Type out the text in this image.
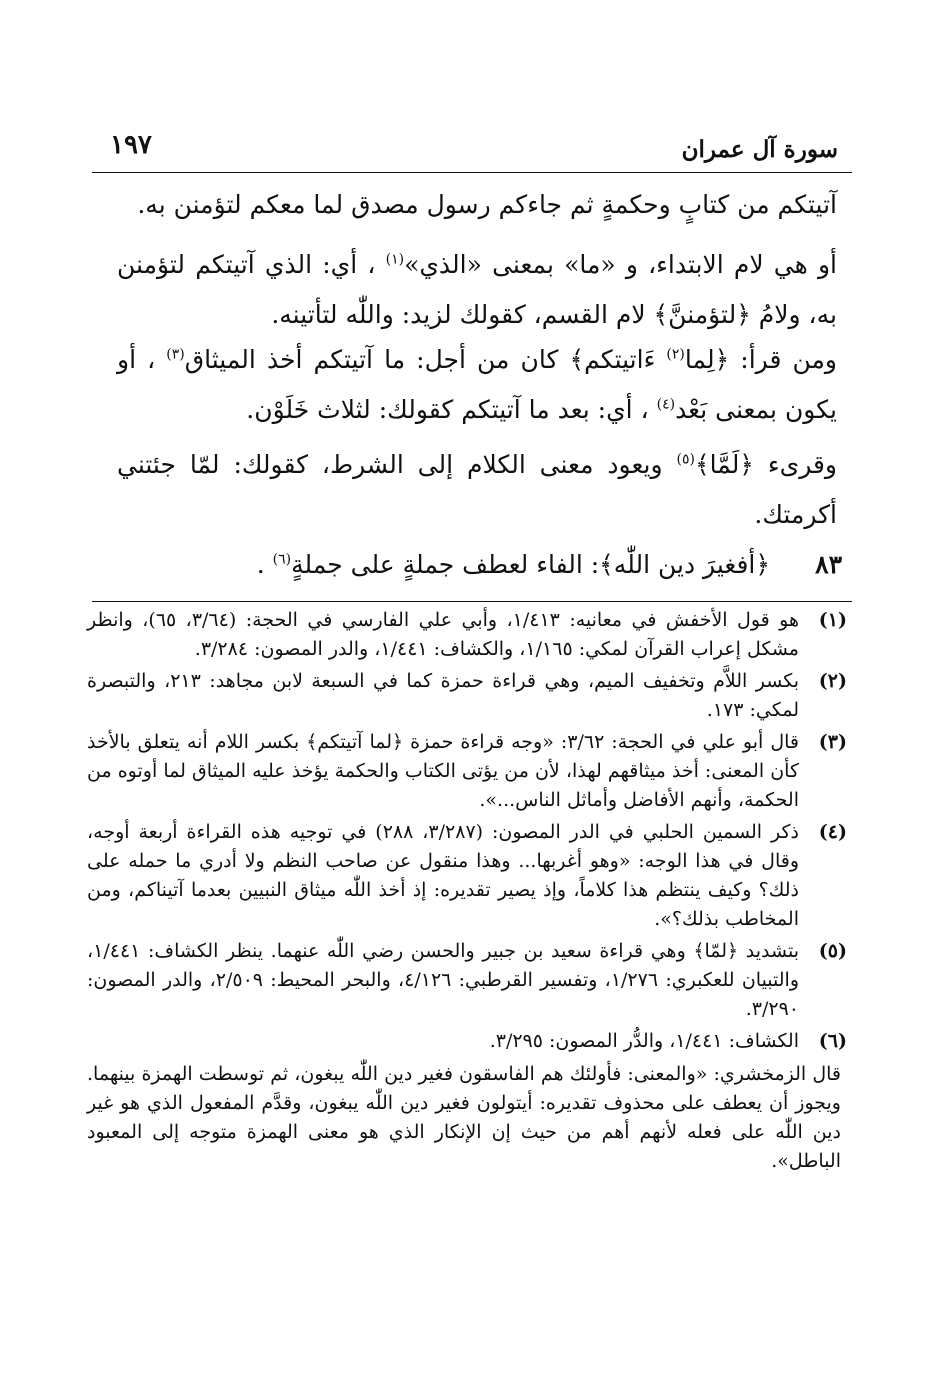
سورة آل عمران
١٩٧

آتيتكم من كتابٍ وحكمةٍ ثم جاءكم رسول مصدق لما معكم لتؤمنن به.

أو هي لام الابتداء، و «ما» بمعنى «الذي»$^{(١)}$ ، أي: الذي آتيتكم لتؤمنن به، ولامُ ﴿لتؤمننَّ﴾ لام القسم، كقولك لزيد: واللّٰه لتأتينه.

ومن قرأ: ﴿لِما$^{(٢)}$ ءَاتيتكم﴾ كان من أجل: ما آتيتكم أخذ الميثاق$^{(٣)}$ ، أو يكون بمعنى بَعْد$^{(٤)}$ ، أي: بعد ما آتيتكم كقولك: لثلاث خَلَوْن.

وقرىء ﴿لَمَّا﴾$^{(٥)}$ ويعود معنى الكلام إلى الشرط، كقولك: لمّا جئتني أكرمتك.

٨٣
﴿أفغيرَ دين اللّٰه﴾: الفاء لعطف جملةٍ على جملةٍ$^{(٦)}$ .
(١)
هو قول الأخفش في معانيه: ١/٤١٣، وأبي علي الفارسي في الحجة: (٣/٦٤، ٦٥)، وانظر مشكل إعراب القرآن لمكي: ١/١٦٥، والكشاف: ١/٤٤١، والدر المصون: ٣/٢٨٤.
(٢)
بكسر اللاَّم وتخفيف الميم، وهي قراءة حمزة كما في السبعة لابن مجاهد: ٢١٣، والتبصرة لمكي: ١٧٣.
(٣)
قال أبو علي في الحجة: ٣/٦٢: «وجه قراءة حمزة ﴿لما آتيتكم﴾ بكسر اللام أنه يتعلق بالأخذ كأن المعنى: أخذ ميثاقهم لهذا، لأن من يؤتى الكتاب والحكمة يؤخذ عليه الميثاق لما أوتوه من الحكمة، وأنهم الأفاضل وأماثل الناس...».
(٤)
ذكر السمين الحلبي في الدر المصون: (٣/٢٨٧، ٢٨٨) في توجيه هذه القراءة أربعة أوجه، وقال في هذا الوجه: «وهو أغربها... وهذا منقول عن صاحب النظم ولا أدري ما حمله على ذلك؟ وكيف ينتظم هذا كلاماً، وإذ يصير تقديره: إذ أخذ اللّٰه ميثاق النبيين بعدما آتيناكم، ومن المخاطب بذلك؟».
(٥)
بتشديد ﴿لمّا﴾ وهي قراءة سعيد بن جبير والحسن رضي اللّٰه عنهما. ينظر الكشاف: ١/٤٤١، والتبيان للعكبري: ١/٢٧٦، وتفسير القرطبي: ٤/١٢٦، والبحر المحيط: ٢/٥٠٩، والدر المصون: ٣/٢٩٠.
(٦)
الكشاف: ١/٤٤١، والدُّر المصون: ٣/٢٩٥.

قال الزمخشري: «والمعنى: فأولئك هم الفاسقون فغير دين اللّٰه يبغون، ثم توسطت الهمزة بينهما. ويجوز أن يعطف على محذوف تقديره: أيتولون فغير دين اللّٰه يبغون، وقدَّم المفعول الذي هو غير دين اللّٰه على فعله لأنهم أهم من حيث إن الإنكار الذي هو معنى الهمزة متوجه إلى المعبود الباطل».
